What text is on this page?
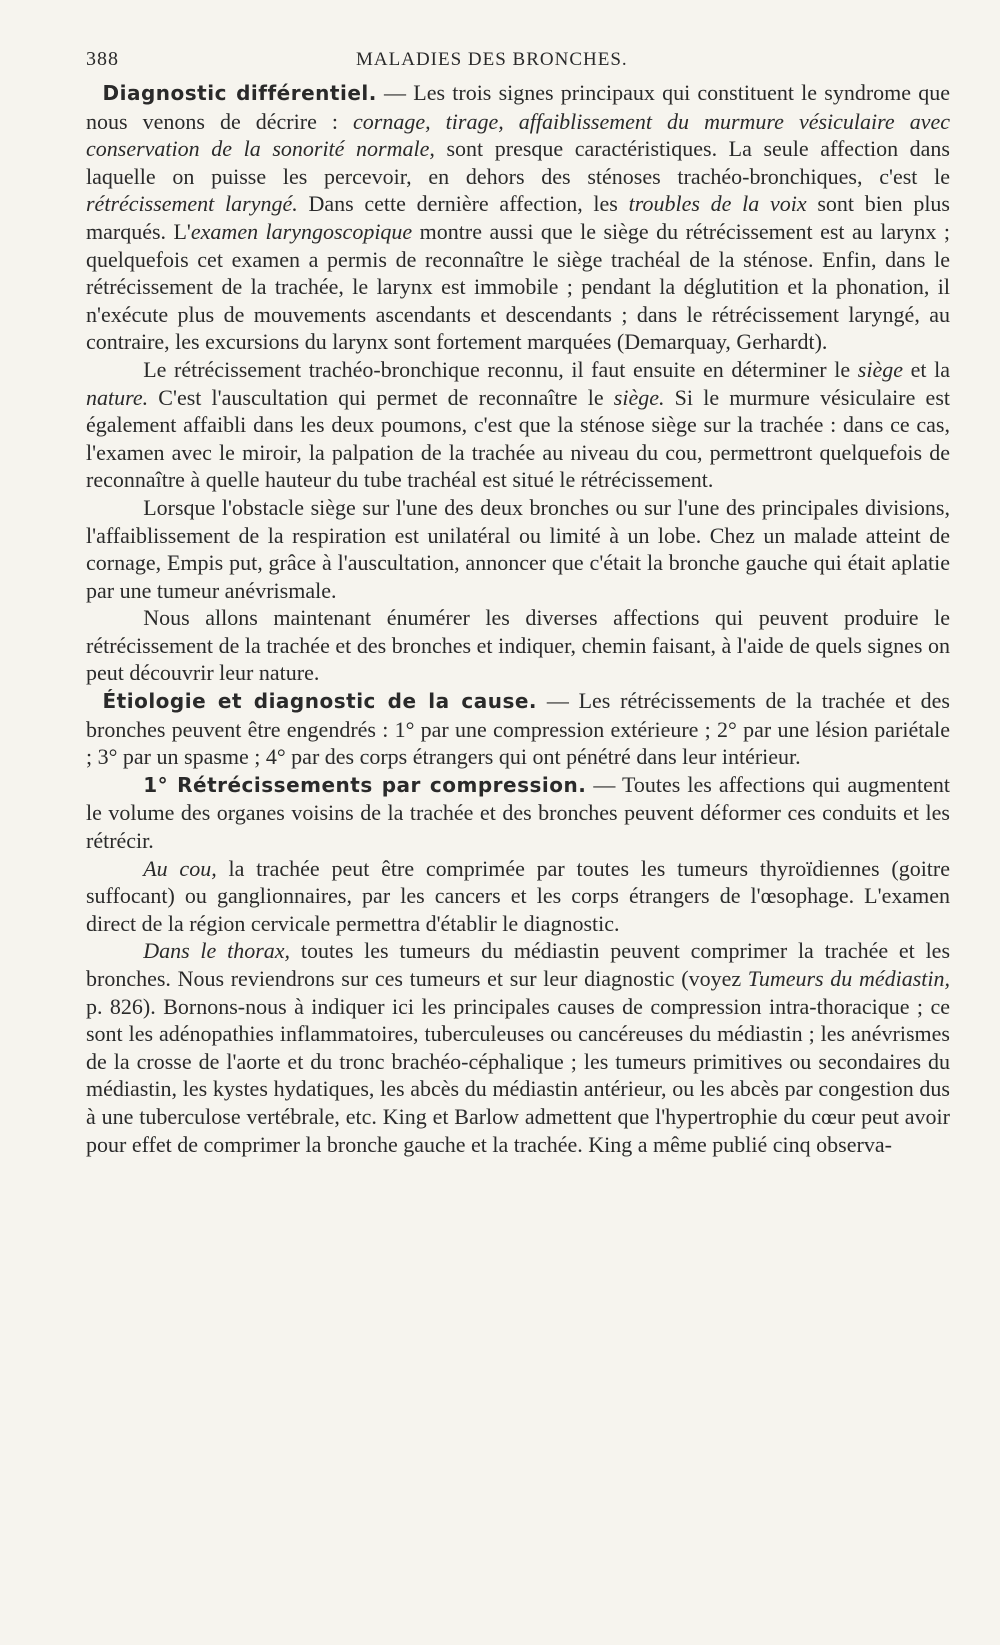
388	MALADIES DES BRONCHES.

Diagnostic différentiel. — Les trois signes principaux qui constituent le syndrome que nous venons de décrire : cornage, tirage, affaiblissement du murmure vésiculaire avec conservation de la sonorité normale, sont presque caractéristiques. La seule affection dans laquelle on puisse les percevoir, en dehors des sténoses trachéo-bronchiques, c'est le rétrécissement laryngé. Dans cette dernière affection, les troubles de la voix sont bien plus marqués. L'examen laryngoscopique montre aussi que le siège du rétrécissement est au larynx ; quelquefois cet examen a permis de reconnaître le siège trachéal de la sténose. Enfin, dans le rétrécissement de la trachée, le larynx est immobile ; pendant la déglutition et la phonation, il n'exécute plus de mouvements ascendants et descendants ; dans le rétrécissement laryngé, au contraire, les excursions du larynx sont fortement marquées (Demarquay, Gerhardt).

Le rétrécissement trachéo-bronchique reconnu, il faut ensuite en déterminer le siège et la nature. C'est l'auscultation qui permet de reconnaître le siège. Si le murmure vésiculaire est également affaibli dans les deux poumons, c'est que la sténose siège sur la trachée : dans ce cas, l'examen avec le miroir, la palpation de la trachée au niveau du cou, permettront quelquefois de reconnaître à quelle hauteur du tube trachéal est situé le rétrécissement.

Lorsque l'obstacle siège sur l'une des deux bronches ou sur l'une des principales divisions, l'affaiblissement de la respiration est unilatéral ou limité à un lobe. Chez un malade atteint de cornage, Empis put, grâce à l'auscultation, annoncer que c'était la bronche gauche qui était aplatie par une tumeur anévrismale.

Nous allons maintenant énumérer les diverses affections qui peuvent produire le rétrécissement de la trachée et des bronches et indiquer, chemin faisant, à l'aide de quels signes on peut découvrir leur nature.

Étiologie et diagnostic de la cause. — Les rétrécissements de la trachée et des bronches peuvent être engendrés : 1° par une compression extérieure ; 2° par une lésion pariétale ; 3° par un spasme ; 4° par des corps étrangers qui ont pénétré dans leur intérieur.

1° Rétrécissements par compression. — Toutes les affections qui augmentent le volume des organes voisins de la trachée et des bronches peuvent déformer ces conduits et les rétrécir.

Au cou, la trachée peut être comprimée par toutes les tumeurs thyroïdiennes (goitre suffocant) ou ganglionnaires, par les cancers et les corps étrangers de l'œsophage. L'examen direct de la région cervicale permettra d'établir le diagnostic.

Dans le thorax, toutes les tumeurs du médiastin peuvent comprimer la trachée et les bronches. Nous reviendrons sur ces tumeurs et sur leur diagnostic (voyez Tumeurs du médiastin, p. 826). Bornons-nous à indiquer ici les principales causes de compression intra-thoracique ; ce sont les adénopathies inflammatoires, tuberculeuses ou cancéreuses du médiastin ; les anévrismes de la crosse de l'aorte et du tronc brachéo-céphalique ; les tumeurs primitives ou secondaires du médiastin, les kystes hydatiques, les abcès du médiastin antérieur, ou les abcès par congestion dus à une tuberculose vertébrale, etc. King et Barlow admettent que l'hypertrophie du cœur peut avoir pour effet de comprimer la bronche gauche et la trachée. King a même publié cinq observa-
